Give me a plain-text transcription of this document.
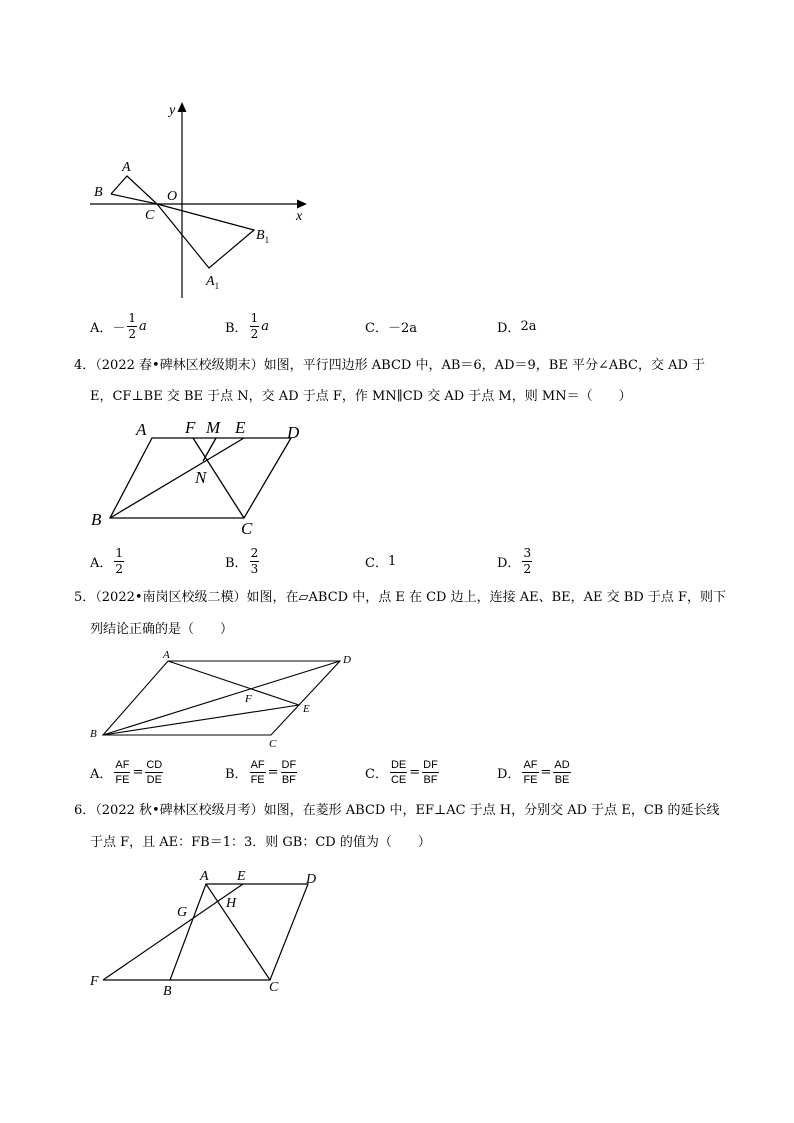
y
x
A
B	O
C
$B_1$
$A_1$
A． － $\frac{1}{2}$ a	B． $\frac{1}{2}$ a	C． －2a	D． 2a
4．（2022 春•碑林区校级期末）如图，平行四边形 ABCD 中，AB＝6，AD＝9，BE 平分∠ABC，交 AD 于
E，CF⊥BE 交 BE 于点 N，交 AD 于点 F，作 MN∥CD 交 AD 于点 M，则 MN＝（　　）
A F M E D
N
B	C
A． $\frac{1}{2}$	B． $\frac{2}{3}$	C． 1	D． $\frac{3}{2}$
5．（2022•南岗区校级二模）如图，在▱ABCD 中，点 E 在 CD 边上，连接 AE、BE，AE 交 BD 于点 F，则下
列结论正确的是（　　）
A	D
F
E
B
C
A． $\frac{AF}{FE} = \frac{CD}{DE}$	B． $\frac{AF}{FE} = \frac{DF}{BF}$	C． $\frac{DE}{CE} = \frac{DF}{BF}$	D． $\frac{AF}{FE} = \frac{AD}{BE}$
6．（2022 秋•碑林区校级月考）如图，在菱形 ABCD 中，EF⊥AC 于点 H，分别交 AD 于点 E，CB 的延长线
于点 F，且 AE：FB＝1：3．则 GB：CD 的值为（　　）
A E	D
G
H
F
B	C
